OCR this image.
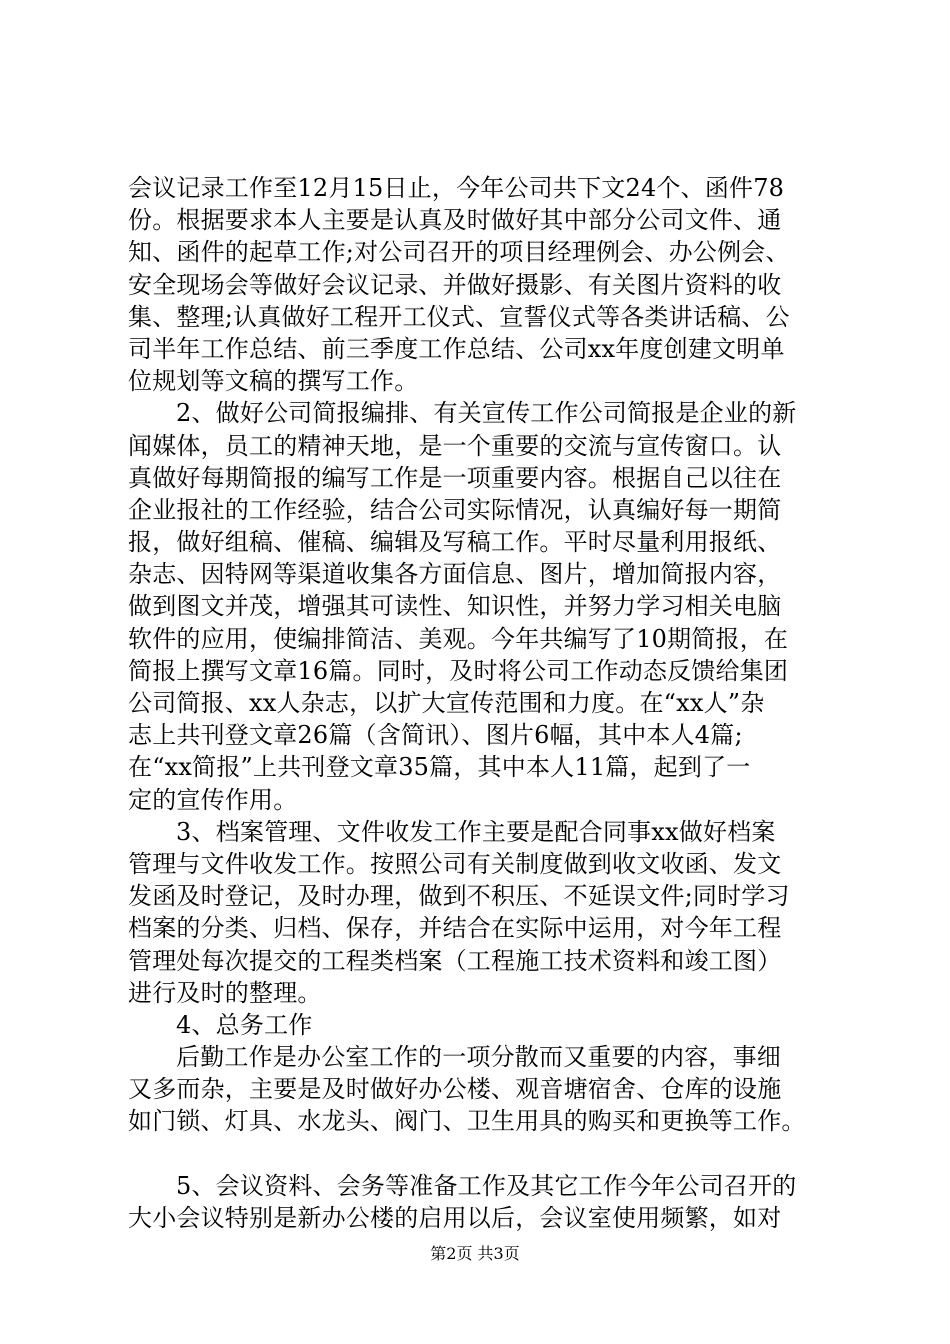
会议记录工作至12月15日止，今年公司共下文24个、函件78
份。根据要求本人主要是认真及时做好其中部分公司文件、通
知、函件的起草工作;对公司召开的项目经理例会、办公例会、
安全现场会等做好会议记录、并做好摄影、有关图片资料的收
集、整理;认真做好工程开工仪式、宣誓仪式等各类讲话稿、公
司半年工作总结、前三季度工作总结、公司xx年度创建文明单
位规划等文稿的撰写工作。
2、做好公司简报编排、有关宣传工作公司简报是企业的新
闻媒体，员工的精神天地，是一个重要的交流与宣传窗口。认
真做好每期简报的编写工作是一项重要内容。根据自己以往在
企业报社的工作经验，结合公司实际情况，认真编好每一期简
报，做好组稿、催稿、编辑及写稿工作。平时尽量利用报纸、
杂志、因特网等渠道收集各方面信息、图片，增加简报内容，
做到图文并茂，增强其可读性、知识性，并努力学习相关电脑
软件的应用，使编排简洁、美观。今年共编写了10期简报，在
简报上撰写文章16篇。同时，及时将公司工作动态反馈给集团
公司简报、xx人杂志，以扩大宣传范围和力度。在“xx人”杂
志上共刊登文章26篇（含简讯）、图片6幅，其中本人4篇;
在“xx简报”上共刊登文章35篇，其中本人11篇，起到了一
定的宣传作用。
3、档案管理、文件收发工作主要是配合同事xx做好档案
管理与文件收发工作。按照公司有关制度做到收文收函、发文
发函及时登记，及时办理，做到不积压、不延误文件;同时学习
档案的分类、归档、保存，并结合在实际中运用，对今年工程
管理处每次提交的工程类档案（工程施工技术资料和竣工图）
进行及时的整理。
4、总务工作
后勤工作是办公室工作的一项分散而又重要的内容，事细
又多而杂，主要是及时做好办公楼、观音塘宿舍、仓库的设施
如门锁、灯具、水龙头、阀门、卫生用具的购买和更换等工作。
5、会议资料、会务等准备工作及其它工作今年公司召开的
大小会议特别是新办公楼的启用以后，会议室使用频繁，如对
第2页 共3页
